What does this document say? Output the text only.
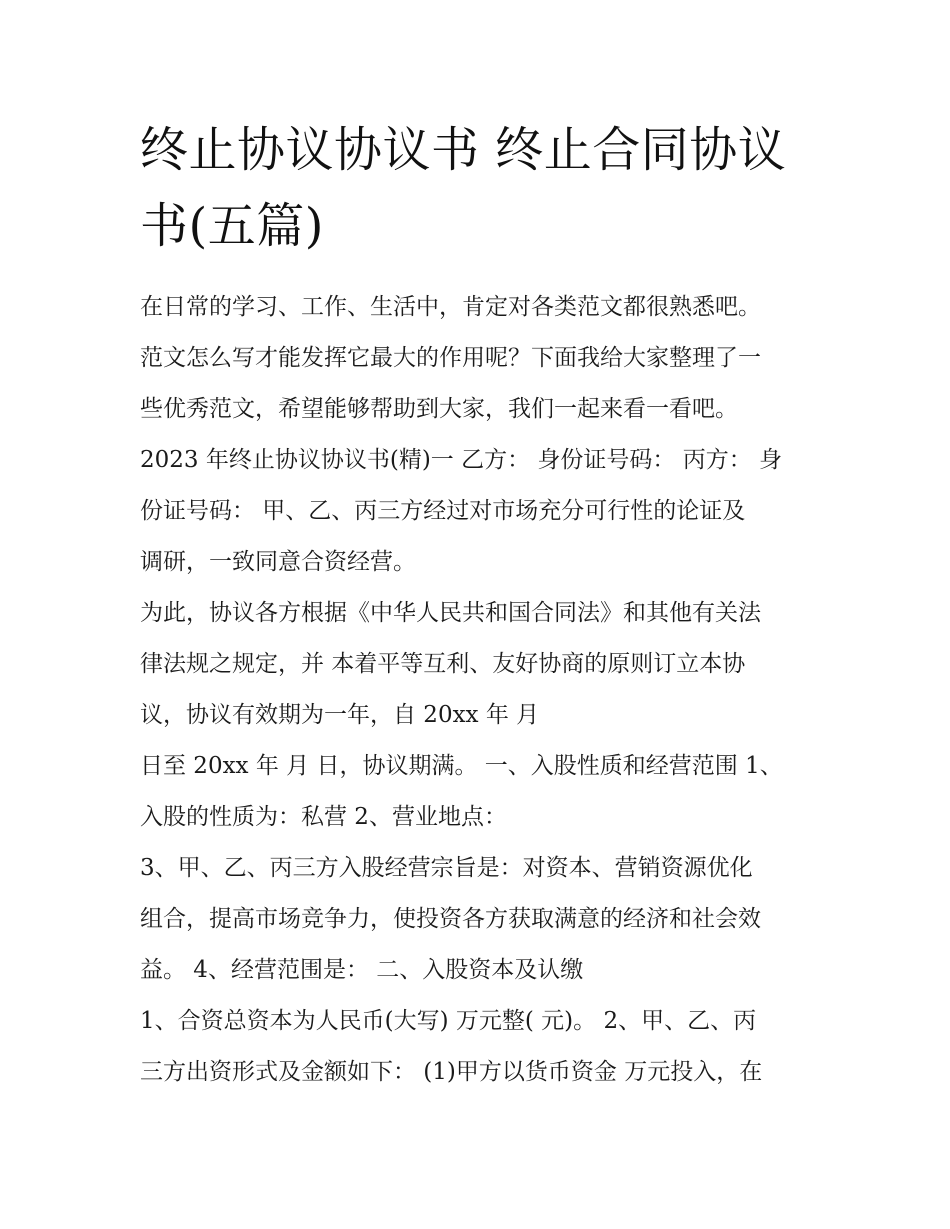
终止协议协议书 终止合同协议
书(五篇)

在日常的学习、工作、生活中，肯定对各类范文都很熟悉吧。

范文怎么写才能发挥它最大的作用呢？下面我给大家整理了一

些优秀范文，希望能够帮助到大家，我们一起来看一看吧。

2023 年终止协议协议书(精)一 乙方： 身份证号码： 丙方： 身

份证号码： 甲、乙、丙三方经过对市场充分可行性的论证及

调研，一致同意合资经营。

为此，协议各方根据《中华人民共和国合同法》和其他有关法

律法规之规定，并 本着平等互利、友好协商的原则订立本协

议，协议有效期为一年，自 20xx 年 月

日至 20xx 年 月 日，协议期满。 一、入股性质和经营范围 1、

入股的性质为：私营 2、营业地点：

3、甲、乙、丙三方入股经营宗旨是：对资本、营销资源优化

组合，提高市场竞争力，使投资各方获取满意的经济和社会效

益。 4、经营范围是： 二、入股资本及认缴

1、合资总资本为人民币(大写) 万元整( 元)。 2、甲、乙、丙

三方出资形式及金额如下： (1)甲方以货币资金 万元投入，在
